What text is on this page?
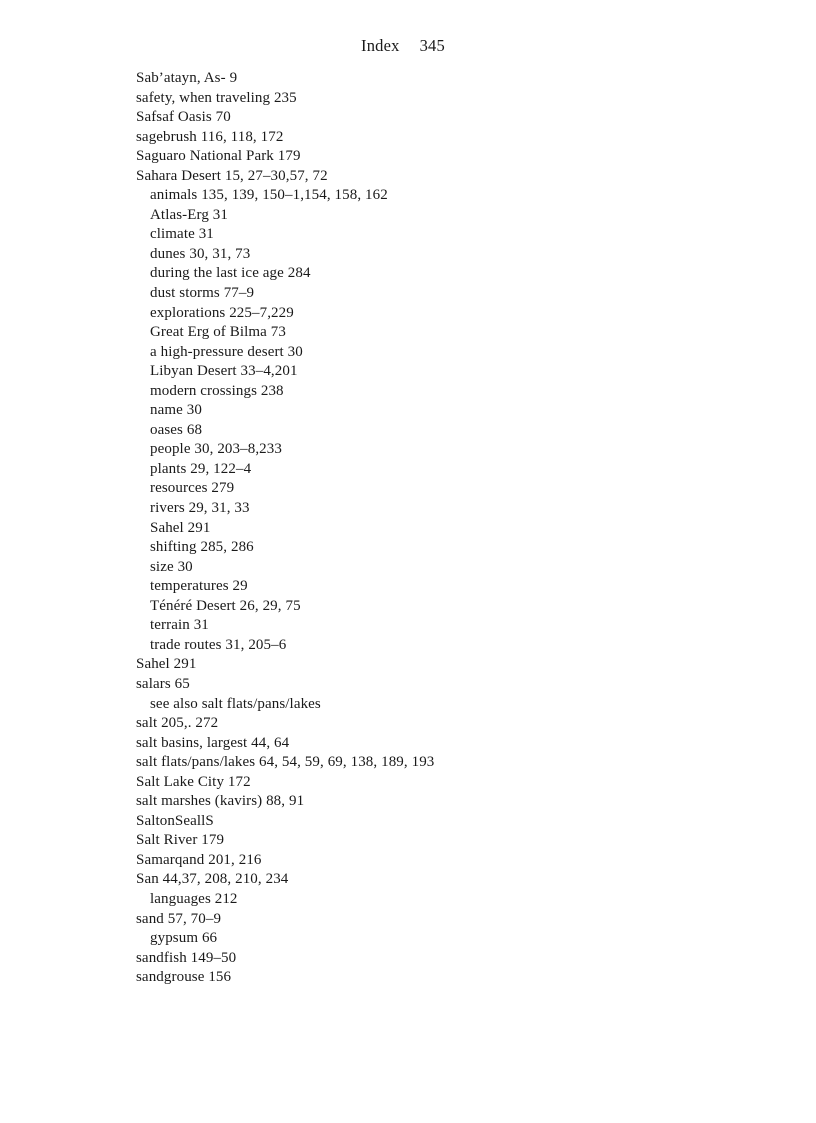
Index 345
Sab’atayn, As- 9
safety, when traveling 235
Safsaf Oasis 70
sagebrush 116, 118, 172
Saguaro National Park 179
Sahara Desert 15, 27–30,57, 72
animals 135, 139, 150–1,154, 158, 162
Atlas-Erg 31
climate 31
dunes 30, 31, 73
during the last ice age 284
dust storms 77–9
explorations 225–7,229
Great Erg of Bilma 73
a high-pressure desert 30
Libyan Desert 33–4,201
modern crossings 238
name 30
oases 68
people 30, 203–8,233
plants 29, 122–4
resources 279
rivers 29, 31, 33
Sahel 291
shifting 285, 286
size 30
temperatures 29
Ténéré Desert 26, 29, 75
terrain 31
trade routes 31, 205–6
Sahel 291
salars 65
see also salt flats/pans/lakes
salt 205,. 272
salt basins, largest 44, 64
salt flats/pans/lakes 64, 54, 59, 69, 138, 189, 193
Salt Lake City 172
salt marshes (kavirs) 88, 91
SaltonSeallS
Salt River 179
Samarqand 201, 216
San 44,37, 208, 210, 234
languages 212
sand 57, 70–9
gypsum 66
sandfish 149–50
sandgrouse 156
